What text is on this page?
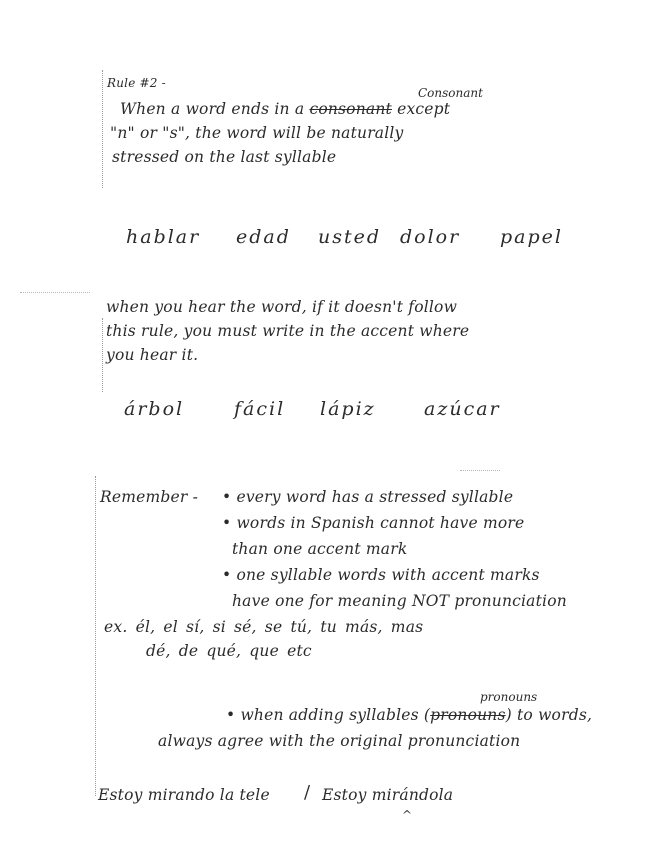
Rule #2 -
Consonant
When a word ends in a consonant except
"n" or "s", the word will be naturally
stressed on the last syllable
hablar edad usted dolor papel
when you hear the word, if it doesn't follow
this rule, you must write in the accent where
you hear it.
árbol	fácil lápiz	azúcar
Remember - • every word has a stressed syllable
• words in Spanish cannot have more
than one accent mark
• one syllable words with accent marks
have one for meaning NOT pronunciation
ex. él, el sí, si sé, se tú, tu más, mas
dé, de qué, que etc
pronouns
• when adding syllables (pronouns) to words,
always agree with the original pronunciation
Estoy mirando la tele / Estoy mirándola
^
